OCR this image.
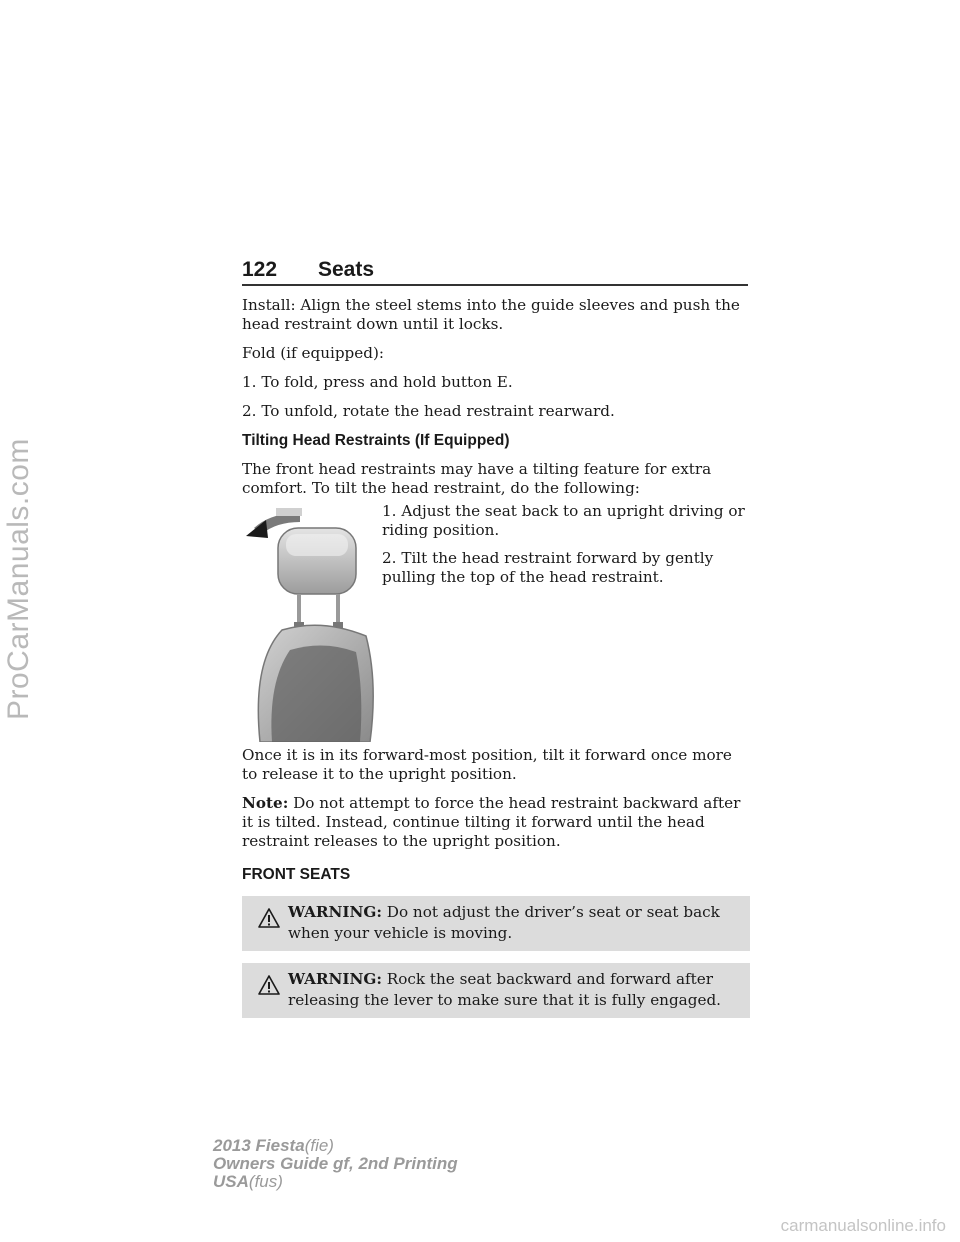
ProCarManuals.com
122 Seats

Install: Align the steel stems into the guide sleeves and push the head restraint down until it locks.

Fold (if equipped):

1. To fold, press and hold button E.

2. To unfold, rotate the head restraint rearward.

Tilting Head Restraints (If Equipped)

The front head restraints may have a tilting feature for extra comfort. To tilt the head restraint, do the following:

1. Adjust the seat back to an upright driving or riding position.

2. Tilt the head restraint forward by gently pulling the top of the head restraint.

Once it is in its forward-most position, tilt it forward once more to release it to the upright position.

Note: Do not attempt to force the head restraint backward after it is tilted. Instead, continue tilting it forward until the head restraint releases to the upright position.

FRONT SEATS

WARNING: Do not adjust the driver’s seat or seat back when your vehicle is moving.
WARNING: Rock the seat backward and forward after releasing the lever to make sure that it is fully engaged.
2013 Fiesta(fie)
Owners Guide gf, 2nd Printing
USA(fus)
carmanualsonline.info
